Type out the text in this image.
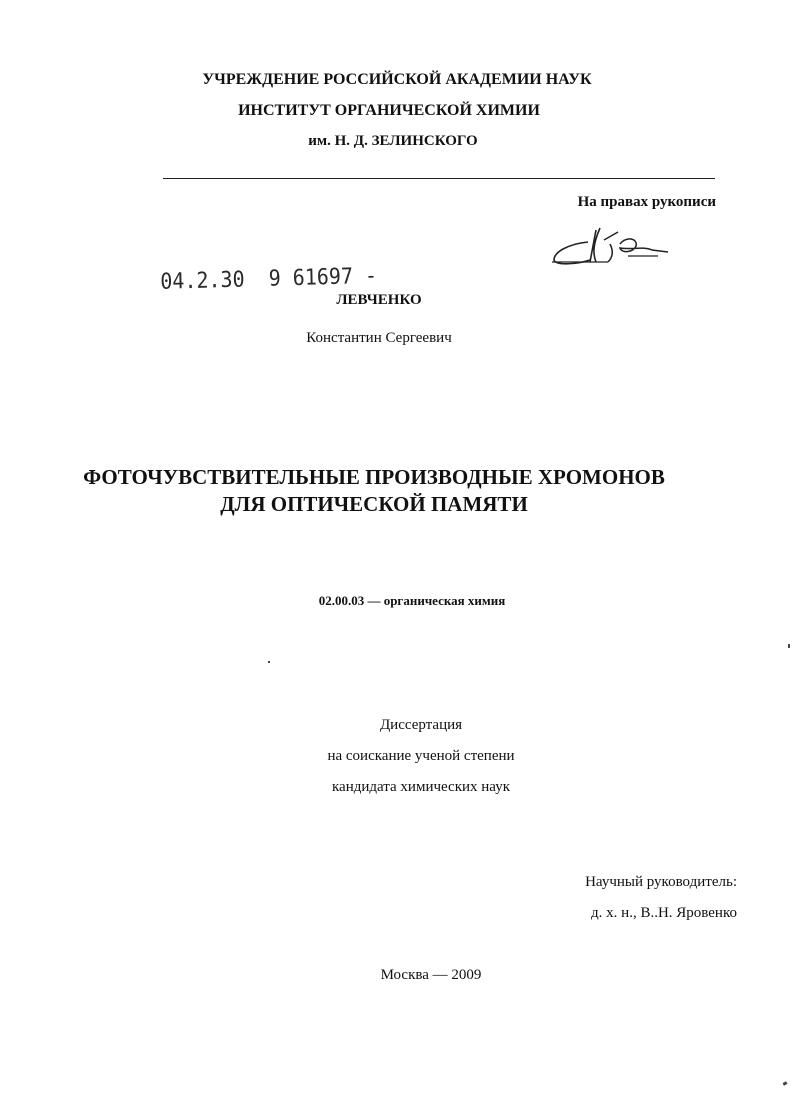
УЧРЕЖДЕНИЕ РОССИЙСКОЙ АКАДЕМИИ НАУК
ИНСТИТУТ ОРГАНИЧЕСКОЙ ХИМИИ
им. Н. Д. ЗЕЛИНСКОГО
На правах рукописи
04.2.30 9 61697 -
ЛЕВЧЕНКО
Константин Сергеевич
ФОТОЧУВСТВИТЕЛЬНЫЕ ПРОИЗВОДНЫЕ ХРОМОНОВ
ДЛЯ ОПТИЧЕСКОЙ ПАМЯТИ
02.00.03 — органическая химия
Диссертация
на соискание ученой степени
кандидата химических наук
Научный руководитель:
д. х. н., В..Н. Яровенко
Москва — 2009
